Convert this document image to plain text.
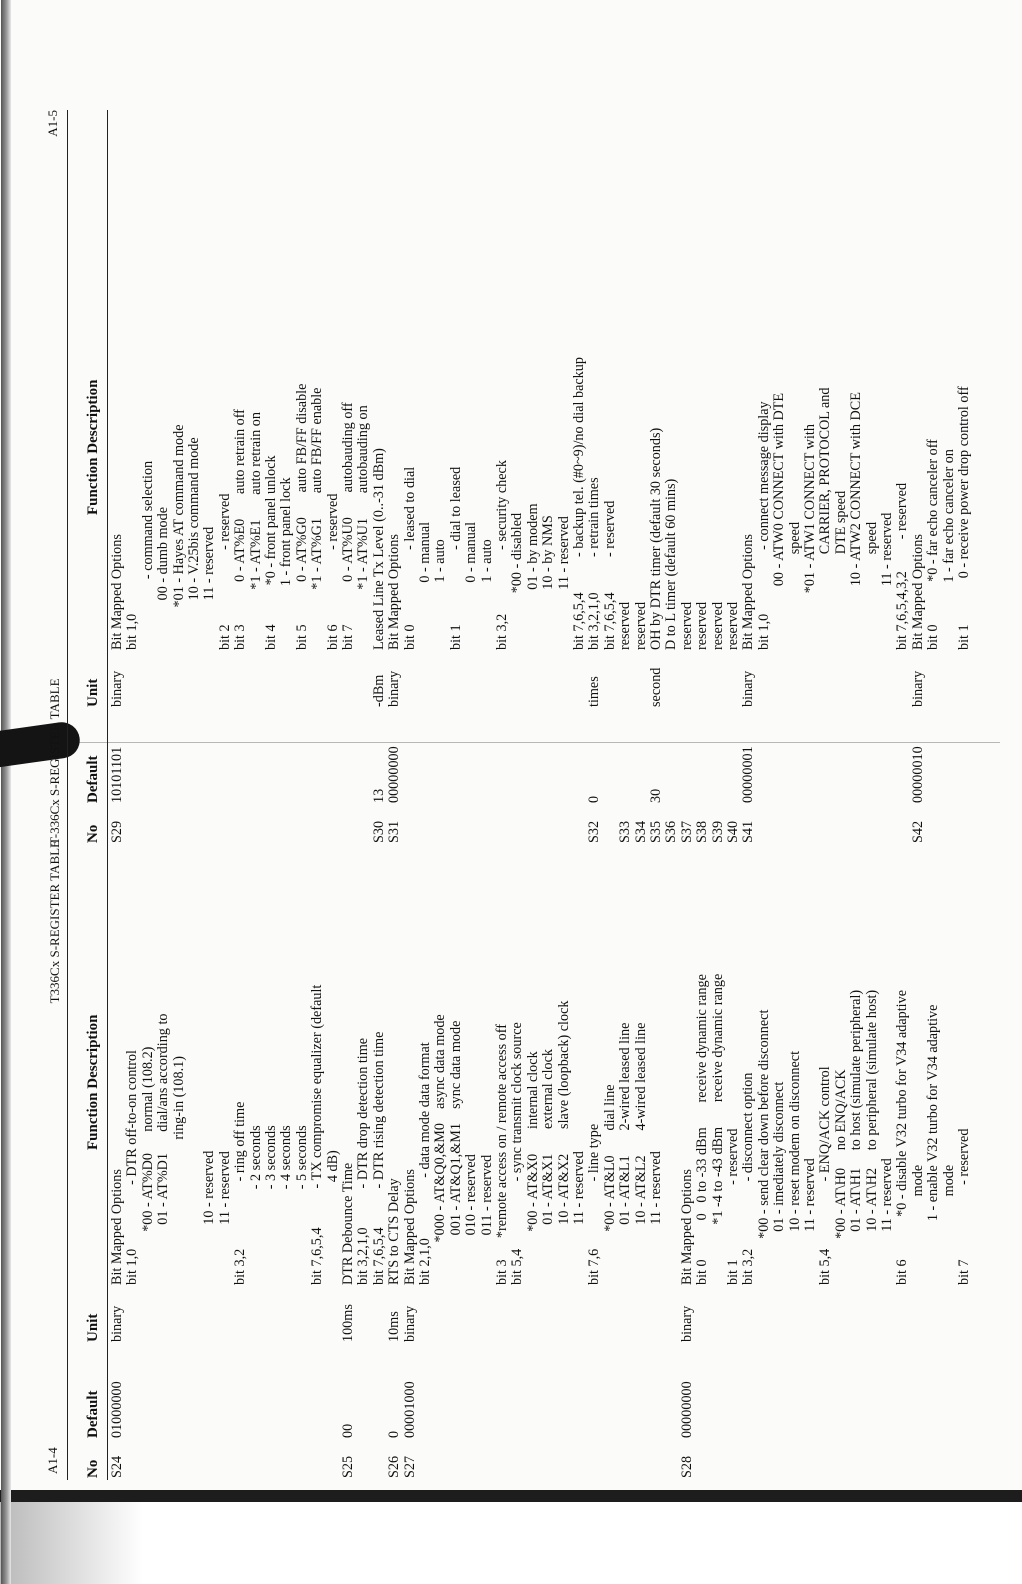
T-336Cx S-REGISTER TABLE
A1-5
No
Default
Unit
Function Description
S29
10101101
binary
Bit Mapped Options bit 1,0 - command selection 00 - dumb mode *01 - Hayes AT command mode 10 - V.25bis command mode 11 - reserved bit 2                     - reserved bit 3            0 - AT%E0       auto retrain off *1 - AT%E1       auto retrain on bit 4           *0 - front panel unlock 1 - front panel lock bit 5            0 - AT%G0       auto FB/FF disable *1 - AT%G1       auto FB/FF enable bit 6                     - reserved bit 7            0 - AT%U0       autobauding off *1 - AT%U1       autobauding on
S30
13
-dBm
Leased Line Tx Level (0..-31 dBm)
S31
00000000
binary
Bit Mapped Options bit 0                     - leased to dial 0 - manual 1 - auto bit 1                     - dial to leased 0 - manual 1 - auto bit 3,2                  - security check *00 - disabled 01 - by modem 10 - by NMS 11 - reserved bit 7,6,5,4          - backup tel. (#0~9)/no dial backup
S32
0
times
bit 3,2,1,0          - retrain times bit 7,6,5,4          - reserved
S33
reserved
S34
reserved
S35
30
second
OH by DTR timer (default 30 seconds)
S36
D to L timer (default 60 mins)
S37
reserved
S38
reserved
S39
reserved
S40
reserved
S41
00000001
binary
Bit Mapped Options bit 1,0                  - connect message display 00 - ATW0 CONNECT with DTE speed *01 - ATW1 CONNECT with CARRIER, PROTOCOL and DTE speed 10 - ATW2 CONNECT with DCE speed 11 - reserved bit 7,6,5,4,3,2         - reserved
S42
00000010
binary
Bit Mapped Options bit 0            *0 - far echo canceler off 1 - far echo canceler on bit 1             0 - receive power drop control off
A1-4
T336Cx S-REGISTER TABLE
No
Default
Unit
Function Description
S24
01000000
binary
Bit Mapped Options bit 1,0                  - DTR off-to-on control *00 - AT%D0      normal (108.2) 01 - AT%D1      dial/ans according to ring-in (108.1) 10 - reserved 11 - reserved bit 3,2                   - ring off time - 2 seconds - 3 seconds - 4 seconds - 5 seconds bit 7,6,5,4           - TX compromise equalizer (default 4 dB)
S25
00
100ms
DTR Debounce Time bit 3,2,1,0           - DTR drop detection time bit 7,6,5,4           - DTR rising detection time
S26
0
10ms
RTS to CTS Delay
S27
00001000
binary
Bit Mapped Options bit 2,1,0                 - data mode data format *000 - AT&Q0,&M0    async data mode 001 - AT&Q1,&M1    sync data mode 010 - reserved 011 - reserved bit 3      *remote access on / remote access off bit 5,4                   - sync transmit clock source *00 - AT&X0       internal clock 01 - AT&X1       external clock 10 - AT&X2       slave (loopback) clock 11 - reserved bit 7,6                   - line type *00 - AT&L0       dial line 01 - AT&L1       2-wired leased line 10 - AT&L2       4-wired leased line 11 - reserved
S28
00000000
binary
Bit Mapped Options bit 0           0   0 to -33 dBm       receive dynamic range *1 -4 to -43 dBm       receive dynamic range bit 1                     - reserved bit 3,2                   - disconnect option *00 - send clear down before disconnect 01 - imediately disconnect 10 - reset modem on disconnect 11 - reserved bit 5,4                   - ENQ/ACK control *00 - AT\H0     no ENQ/ACK 01 - AT\H1     to host (simulate peripheral) 10 - AT\H2     to peripheral (simulate host) 11 - reserved bit 6            *0 - disable V32 turbo for V34 adaptive mode 1 - enable V32 turbo for V34 adaptive mode bit 7                     - reserved
